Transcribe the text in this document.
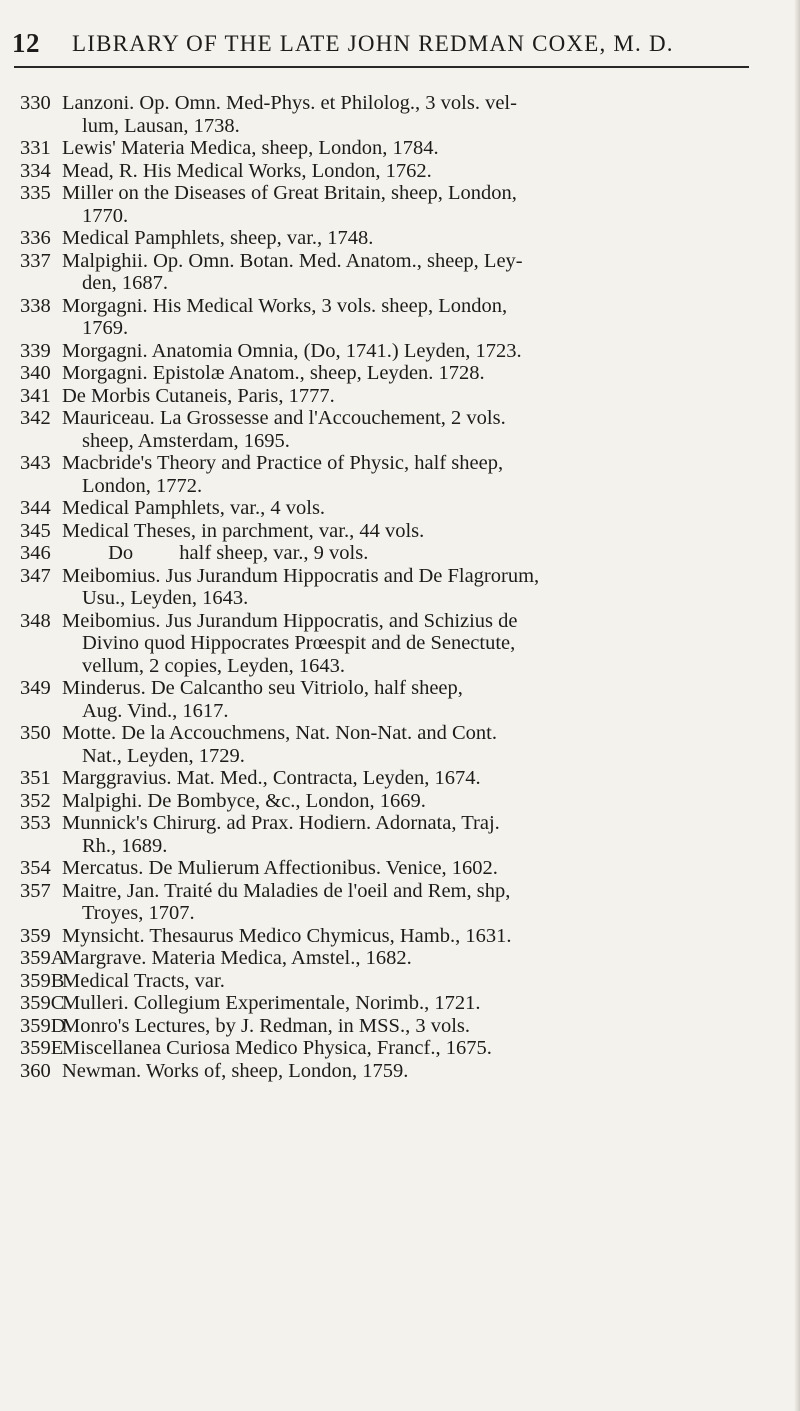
12 LIBRARY OF THE LATE JOHN REDMAN COXE, M. D.
330 Lanzoni. Op. Omn. Med-Phys. et Philolog., 3 vols. vel-
lum, Lausan, 1738.
331 Lewis' Materia Medica, sheep, London, 1784.
334 Mead, R. His Medical Works, London, 1762.
335 Miller on the Diseases of Great Britain, sheep, London,
1770.
336 Medical Pamphlets, sheep, var., 1748.
337 Malpighii. Op. Omn. Botan. Med. Anatom., sheep, Ley-
den, 1687.
338 Morgagni. His Medical Works, 3 vols. sheep, London,
1769.
339 Morgagni. Anatomia Omnia, (Do, 1741.) Leyden, 1723.
340 Morgagni. Epistolæ Anatom., sheep, Leyden. 1728.
341 De Morbis Cutaneis, Paris, 1777.
342 Mauriceau. La Grossesse and l'Accouchement, 2 vols.
sheep, Amsterdam, 1695.
343 Macbride's Theory and Practice of Physic, half sheep,
London, 1772.
344 Medical Pamphlets, var., 4 vols.
345 Medical Theses, in parchment, var., 44 vols.
346 Do         half sheep, var., 9 vols.
347 Meibomius. Jus Jurandum Hippocratis and De Flagrorum,
Usu., Leyden, 1643.
348 Meibomius. Jus Jurandum Hippocratis, and Schizius de
Divino quod Hippocrates Prœespit and de Senectute,
vellum, 2 copies, Leyden, 1643.
349 Minderus. De Calcantho seu Vitriolo, half sheep,
Aug. Vind., 1617.
350 Motte. De la Accouchmens, Nat. Non-Nat. and Cont.
Nat., Leyden, 1729.
351 Marggravius. Mat. Med., Contracta, Leyden, 1674.
352 Malpighi. De Bombyce, &c., London, 1669.
353 Munnick's Chirurg. ad Prax. Hodiern. Adornata, Traj.
Rh., 1689.
354 Mercatus. De Mulierum Affectionibus. Venice, 1602.
357 Maitre, Jan. Traité du Maladies de l'oeil and Rem, shp,
Troyes, 1707.
359 Mynsicht. Thesaurus Medico Chymicus, Hamb., 1631.
359A
Margrave. Materia Medica, Amstel., 1682.
359B
Medical Tracts, var.
359C
Mulleri. Collegium Experimentale, Norimb., 1721.
359D
Monro's Lectures, by J. Redman, in MSS., 3 vols.
359E
Miscellanea Curiosa Medico Physica, Francf., 1675.
360 Newman. Works of, sheep, London, 1759.
